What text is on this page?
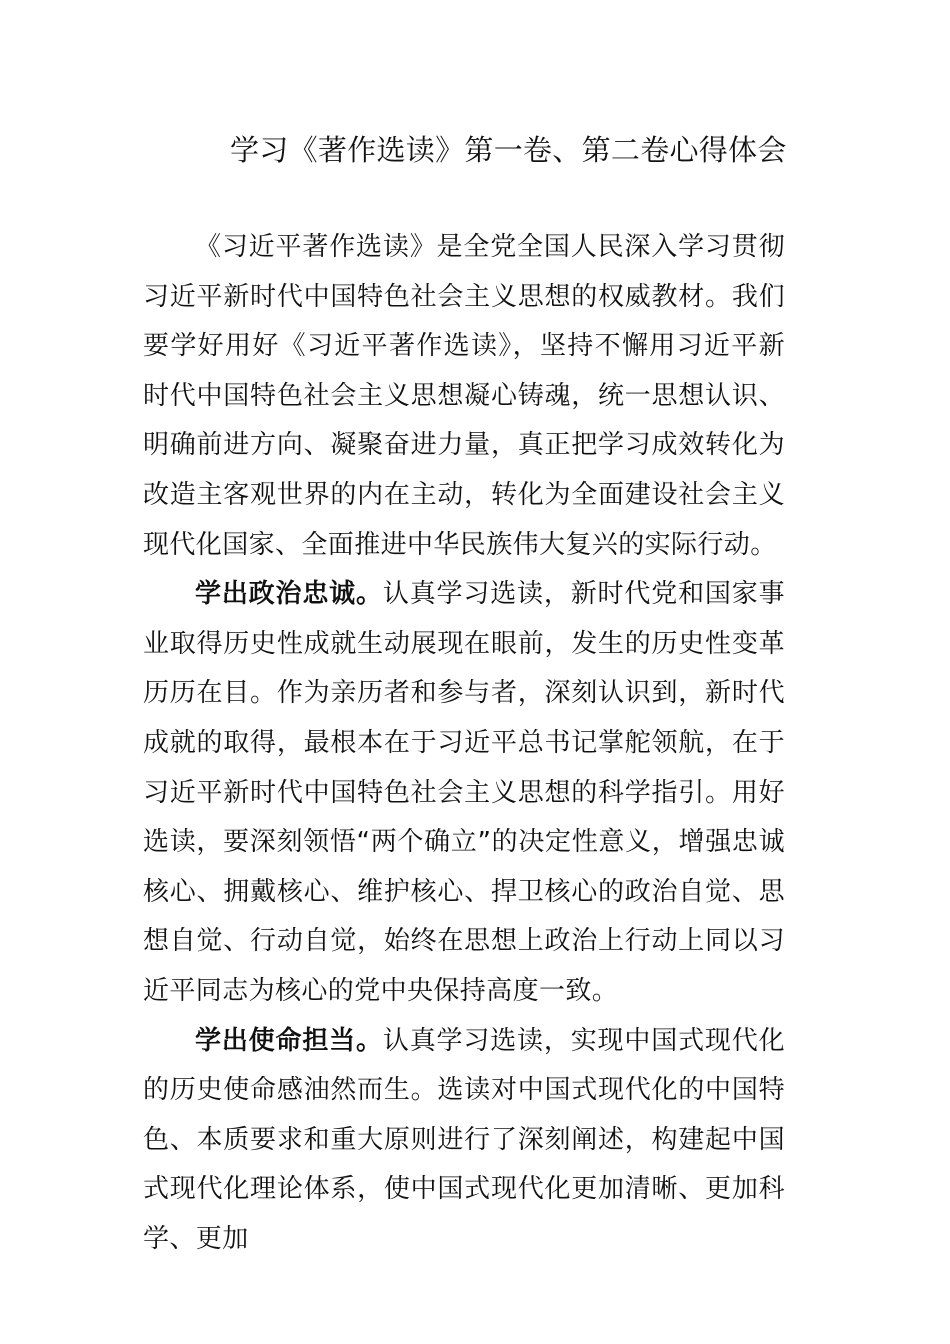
学习《著作选读》第一卷、第二卷心得体会

《习近平著作选读》是全党全国人民深入学习贯彻习近平新时代中国特色社会主义思想的权威教材。我们要学好用好《习近平著作选读》，坚持不懈用习近平新时代中国特色社会主义思想凝心铸魂，统一思想认识、明确前进方向、凝聚奋进力量，真正把学习成效转化为改造主客观世界的内在主动，转化为全面建设社会主义现代化国家、全面推进中华民族伟大复兴的实际行动。

学出政治忠诚。认真学习选读，新时代党和国家事业取得历史性成就生动展现在眼前，发生的历史性变革历历在目。作为亲历者和参与者，深刻认识到，新时代成就的取得，最根本在于习近平总书记掌舵领航，在于习近平新时代中国特色社会主义思想的科学指引。用好选读，要深刻领悟“两个确立”的决定性意义，增强忠诚核心、拥戴核心、维护核心、捍卫核心的政治自觉、思想自觉、行动自觉，始终在思想上政治上行动上同以习近平同志为核心的党中央保持高度一致。

学出使命担当。认真学习选读，实现中国式现代化的历史使命感油然而生。选读对中国式现代化的中国特色、本质要求和重大原则进行了深刻阐述，构建起中国式现代化理论体系，使中国式现代化更加清晰、更加科学、更加
